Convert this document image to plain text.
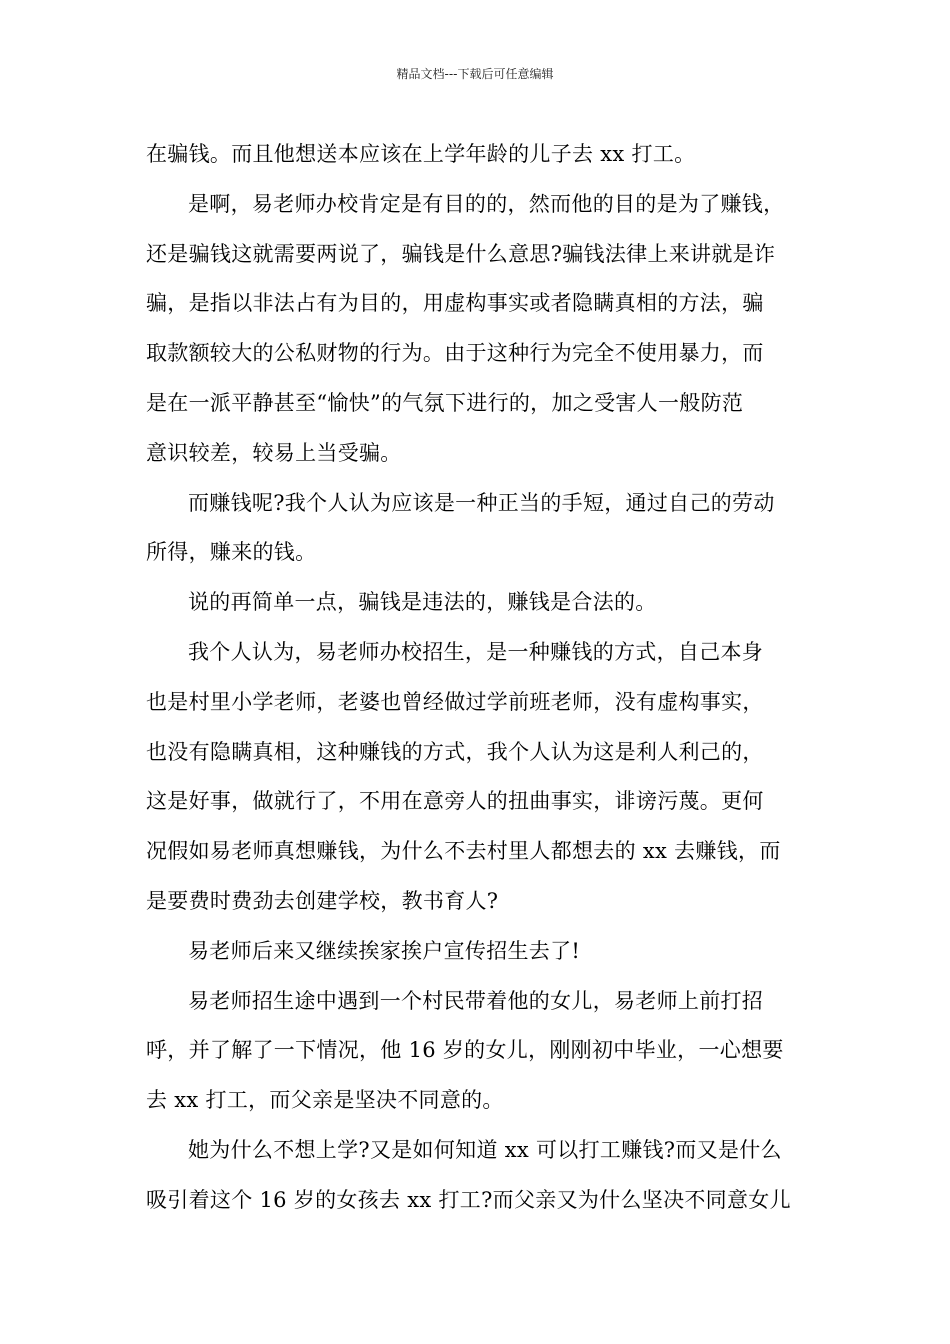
精品文档---下载后可任意编辑
在骗钱。而且他想送本应该在上学年龄的儿子去 xx 打工。
是啊，易老师办校肯定是有目的的，然而他的目的是为了赚钱，
还是骗钱这就需要两说了，骗钱是什么意思?骗钱法律上来讲就是诈
骗，是指以非法占有为目的，用虚构事实或者隐瞒真相的方法，骗
取款额较大的公私财物的行为。由于这种行为完全不使用暴力，而
是在一派平静甚至“愉快”的气氛下进行的，加之受害人一般防范
意识较差，较易上当受骗。
而赚钱呢?我个人认为应该是一种正当的手短，通过自己的劳动
所得，赚来的钱。
说的再简单一点，骗钱是违法的，赚钱是合法的。
我个人认为，易老师办校招生，是一种赚钱的方式，自己本身
也是村里小学老师，老婆也曾经做过学前班老师，没有虚构事实，
也没有隐瞒真相，这种赚钱的方式，我个人认为这是利人利己的，
这是好事，做就行了，不用在意旁人的扭曲事实，诽谤污蔑。更何
况假如易老师真想赚钱，为什么不去村里人都想去的 xx 去赚钱，而
是要费时费劲去创建学校，教书育人?
易老师后来又继续挨家挨户宣传招生去了!
易老师招生途中遇到一个村民带着他的女儿，易老师上前打招
呼，并了解了一下情况，他 16 岁的女儿，刚刚初中毕业，一心想要
去 xx 打工，而父亲是坚决不同意的。
她为什么不想上学?又是如何知道 xx 可以打工赚钱?而又是什么
吸引着这个 16 岁的女孩去 xx 打工?而父亲又为什么坚决不同意女儿
